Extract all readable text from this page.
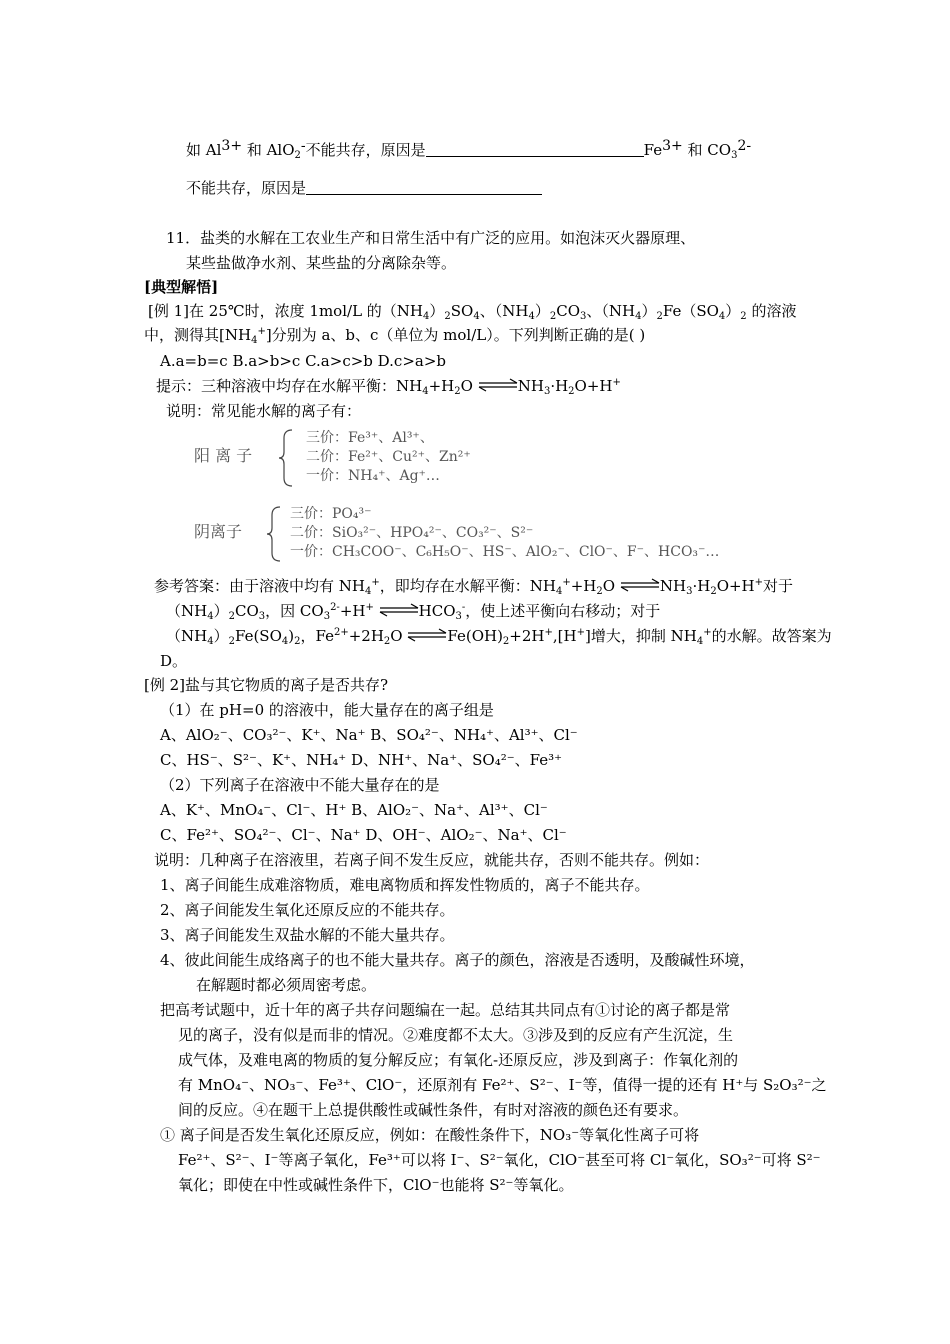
如 $Al^{3+}$ 和 AlO$_2$-不能共存，原因是	$Fe^{3+}$ 和 $CO_3^{2-}$
不能共存，原因是
11．盐类的水解在工农业生产和日常生活中有广泛的应用。如泡沫灭火器原理、
某些盐做净水剂、某些盐的分离除杂等。
[典型解悟]
[例 1]在 25℃时，浓度 1mol/L 的$(NH_4)_2SO_4$、$(NH_4)_2CO_3$、$(NH_4)_2Fe(SO_4)_2$ 的溶液
中，测得其$[NH_4^+]$分别为 a、b、c（单位为 mol/L）。下列判断正确的是( )
A.a=b=c B.a>b>c C.a>c>b D.c>a>b
提示：三种溶液中均存在水解平衡：$NH_4+H_2O$ $\rightleftharpoons NH_3\cdot H_2O+H^+$
说明：常见能水解的离子有：
阳 离 子
三价：Fe³⁺、Al³⁺、
二价：Fe²⁺、Cu²⁺、Zn²⁺
一价：NH₄⁺、Ag⁺…
阴离子
三价：PO₄³⁻
二价：SiO₃²⁻、HPO₄²⁻、CO₃²⁻、S²⁻
一价：CH₃COO⁻、C₆H₅O⁻、HS⁻、AlO₂⁻、ClO⁻、F⁻、HCO₃⁻…
参考答案：由于溶液中均有 $NH_4^+$，即均存在水解平衡：$NH_4^++H_2O$ $\rightleftharpoons NH_3\cdot H_2O+H^+$对于
$(NH_4)_2CO_3$，因 $CO_3^{2-}+H^+$ $\rightleftharpoons HCO_3^-$，使上述平衡向右移动；对于
$(NH_4)_2Fe(SO_4)_2$，$Fe^{2+}+2H_2O$ $\rightleftharpoons Fe(OH)_2+2H^+,[H^+]$增大，抑制 $NH_4^+$的水解。故答案为
D。
[例 2]盐与其它物质的离子是否共存?
（1）在 pH=0 的溶液中，能大量存在的离子组是
A、AlO₂⁻、CO₃²⁻、K⁺、Na⁺ B、SO₄²⁻、NH₄⁺、Al³⁺、Cl⁻
C、HS⁻、S²⁻、K⁺、NH₄⁺ D、NH⁺、Na⁺、SO₄²⁻、Fe³⁺
（2）下列离子在溶液中不能大量存在的是
A、K⁺、MnO₄⁻、Cl⁻、H⁺ B、AlO₂⁻、Na⁺、Al³⁺、Cl⁻
C、Fe²⁺、SO₄²⁻、Cl⁻、Na⁺ D、OH⁻、AlO₂⁻、Na⁺、Cl⁻
说明：几种离子在溶液里，若离子间不发生反应，就能共存，否则不能共存。例如：
1、离子间能生成难溶物质，难电离物质和挥发性物质的，离子不能共存。
2、离子间能发生氧化还原反应的不能共存。
3、离子间能发生双盐水解的不能大量共存。
4、彼此间能生成络离子的也不能大量共存。离子的颜色，溶液是否透明，及酸碱性环境，
在解题时都必须周密考虑。
把高考试题中，近十年的离子共存问题编在一起。总结其共同点有①讨论的离子都是常
见的离子，没有似是而非的情况。②难度都不太大。③涉及到的反应有产生沉淀，生
成气体，及难电离的物质的复分解反应；有氧化-还原反应，涉及到离子：作氧化剂的
有 MnO₄⁻、NO₃⁻、Fe³⁺、ClO⁻，还原剂有 Fe²⁺、S²⁻、I⁻等，值得一提的还有 H⁺与 S₂O₃²⁻之
间的反应。④在题干上总提供酸性或碱性条件，有时对溶液的颜色还有要求。
① 离子间是否发生氧化还原反应，例如：在酸性条件下，NO₃⁻等氧化性离子可将
Fe²⁺、S²⁻、I⁻等离子氧化，Fe³⁺可以将 I⁻、S²⁻氧化，ClO⁻甚至可将 Cl⁻氧化，SO₃²⁻可将 S²⁻
氧化；即使在中性或碱性条件下，ClO⁻也能将 S²⁻等氧化。
